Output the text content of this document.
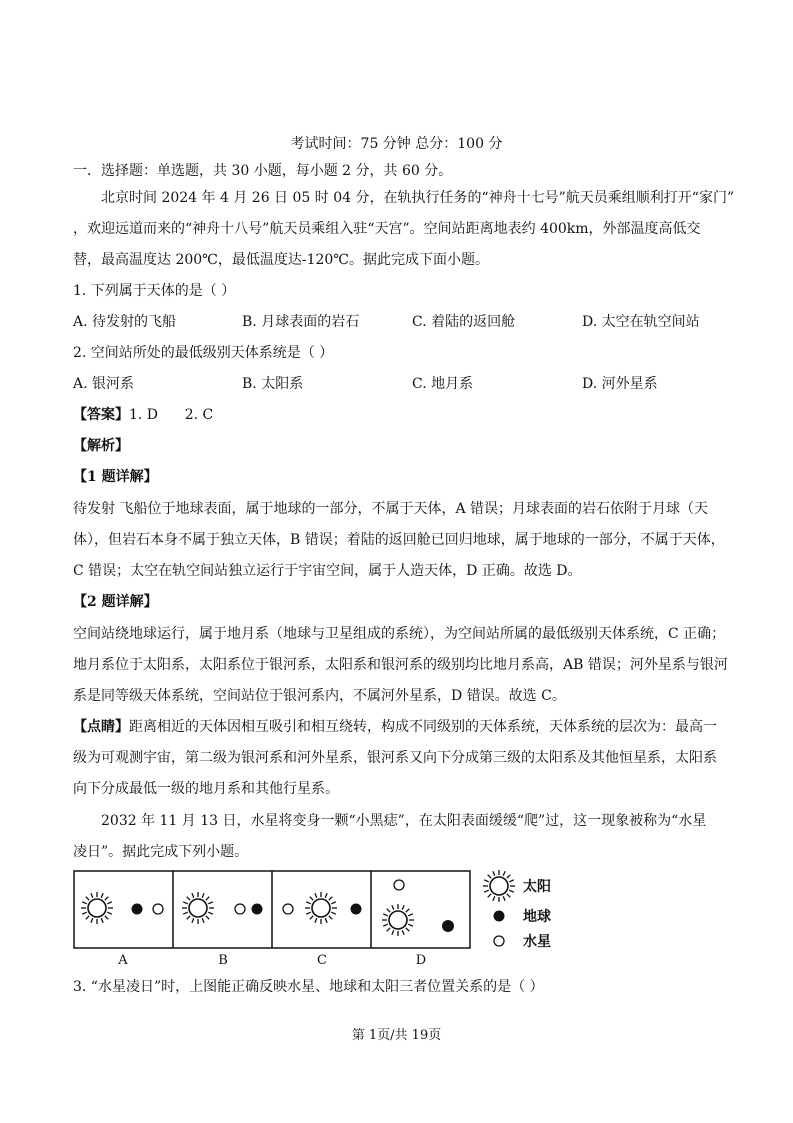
考试时间：75 分钟 总分：100 分
一．选择题：单选题，共 30 小题，每小题 2 分，共 60 分。
北京时间 2024 年 4 月 26 日 05 时 04 分，在轨执行任务的“神舟十七号”航天员乘组顺利打开“家门”
，欢迎远道而来的“神舟十八号”航天员乘组入驻“天宫”。空间站距离地表约 400km，外部温度高低交
替，最高温度达 200℃，最低温度达-120℃。据此完成下面小题。
1. 下列属于天体的是（ ）
A. 待发射的飞船	B. 月球表面的岩石	C. 着陆的返回舱	D. 太空在轨空间站
2. 空间站所处的最低级别天体系统是（ ）
A. 银河系	B. 太阳系	C. 地月系	D. 河外星系
【答案】1. D      2. C
【解析】
【1 题详解】
待发射 飞船位于地球表面，属于地球的一部分，不属于天体，A 错误；月球表面的岩石依附于月球（天
体），但岩石本身不属于独立天体，B 错误；着陆的返回舱已回归地球，属于地球的一部分，不属于天体，
C 错误；太空在轨空间站独立运行于宇宙空间，属于人造天体，D 正确。故选 D。
【2 题详解】
空间站绕地球运行，属于地月系（地球与卫星组成的系统），为空间站所属的最低级别天体系统，C 正确；
地月系位于太阳系，太阳系位于银河系，太阳系和银河系的级别均比地月系高，AB 错误；河外星系与银河
系是同等级天体系统，空间站位于银河系内，不属河外星系，D 错误。故选 C。
【点睛】距离相近的天体因相互吸引和相互绕转，构成不同级别的天体系统，天体系统的层次为：最高一
级为可观测宇宙，第二级为银河系和河外星系，银河系又向下分成第三级的太阳系及其他恒星系，太阳系
向下分成最低一级的地月系和其他行星系。
2032 年 11 月 13 日，水星将变身一颗“小黑痣”，在太阳表面缓缓“爬”过，这一现象被称为“水星
凌日”。据此完成下列小题。
A	B	C	D
太阳
地球
水星
3. “水星凌日”时，上图能正确反映水星、地球和太阳三者位置关系的是（ ）
第 1页/共 19页
